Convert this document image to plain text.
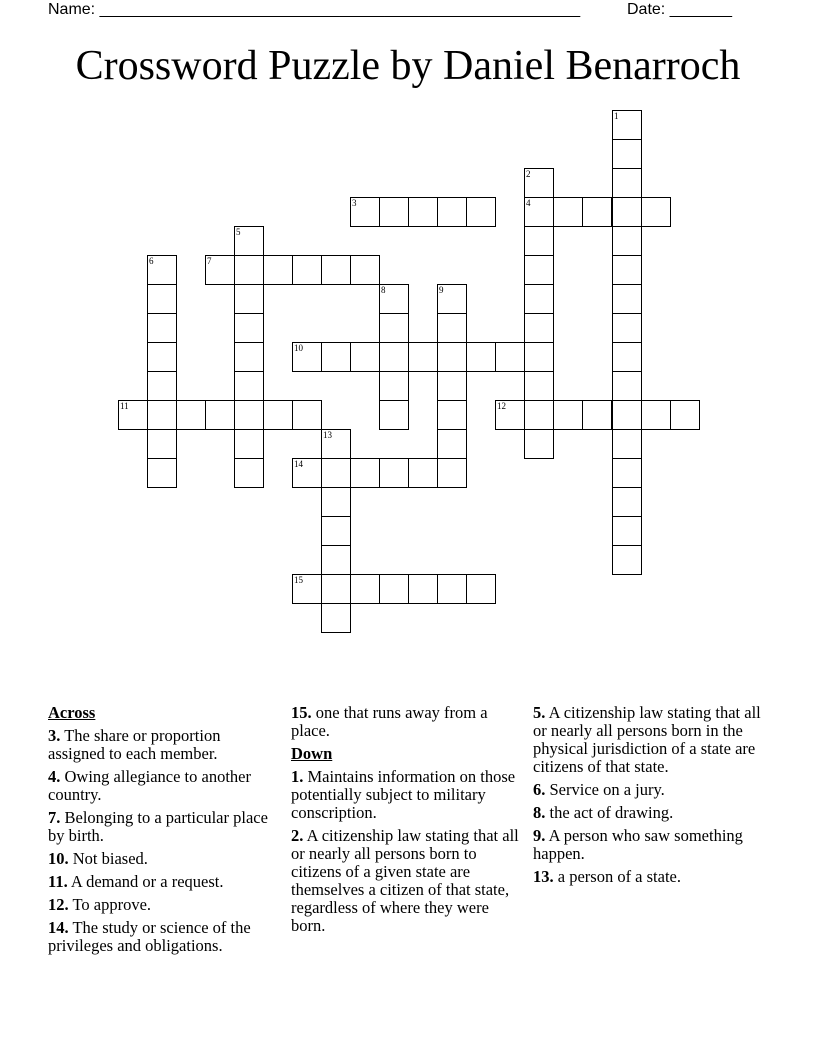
Name: ______________________________________________________	Date: _______
Crossword Puzzle by Daniel Benarroch
1
2
4
3
5
6	7
8	9
10
11	12
13
14
15
Across
3. The share or proportion assigned to each member.
4. Owing allegiance to another country.
7. Belonging to a particular place by birth.
10. Not biased.
11. A demand or a request.
12. To approve.
14. The study or science of the privileges and obligations.
15. one that runs away from a place.
Down
1. Maintains information on those potentially subject to military conscription.
2. A citizenship law stating that all or nearly all persons born to citizens of a given state are themselves a citizen of that state, regardless of where they were born.
5. A citizenship law stating that all or nearly all persons born in the physical jurisdiction of a state are citizens of that state.
6. Service on a jury.
8. the act of drawing.
9. A person who saw something happen.
13. a person of a state.
